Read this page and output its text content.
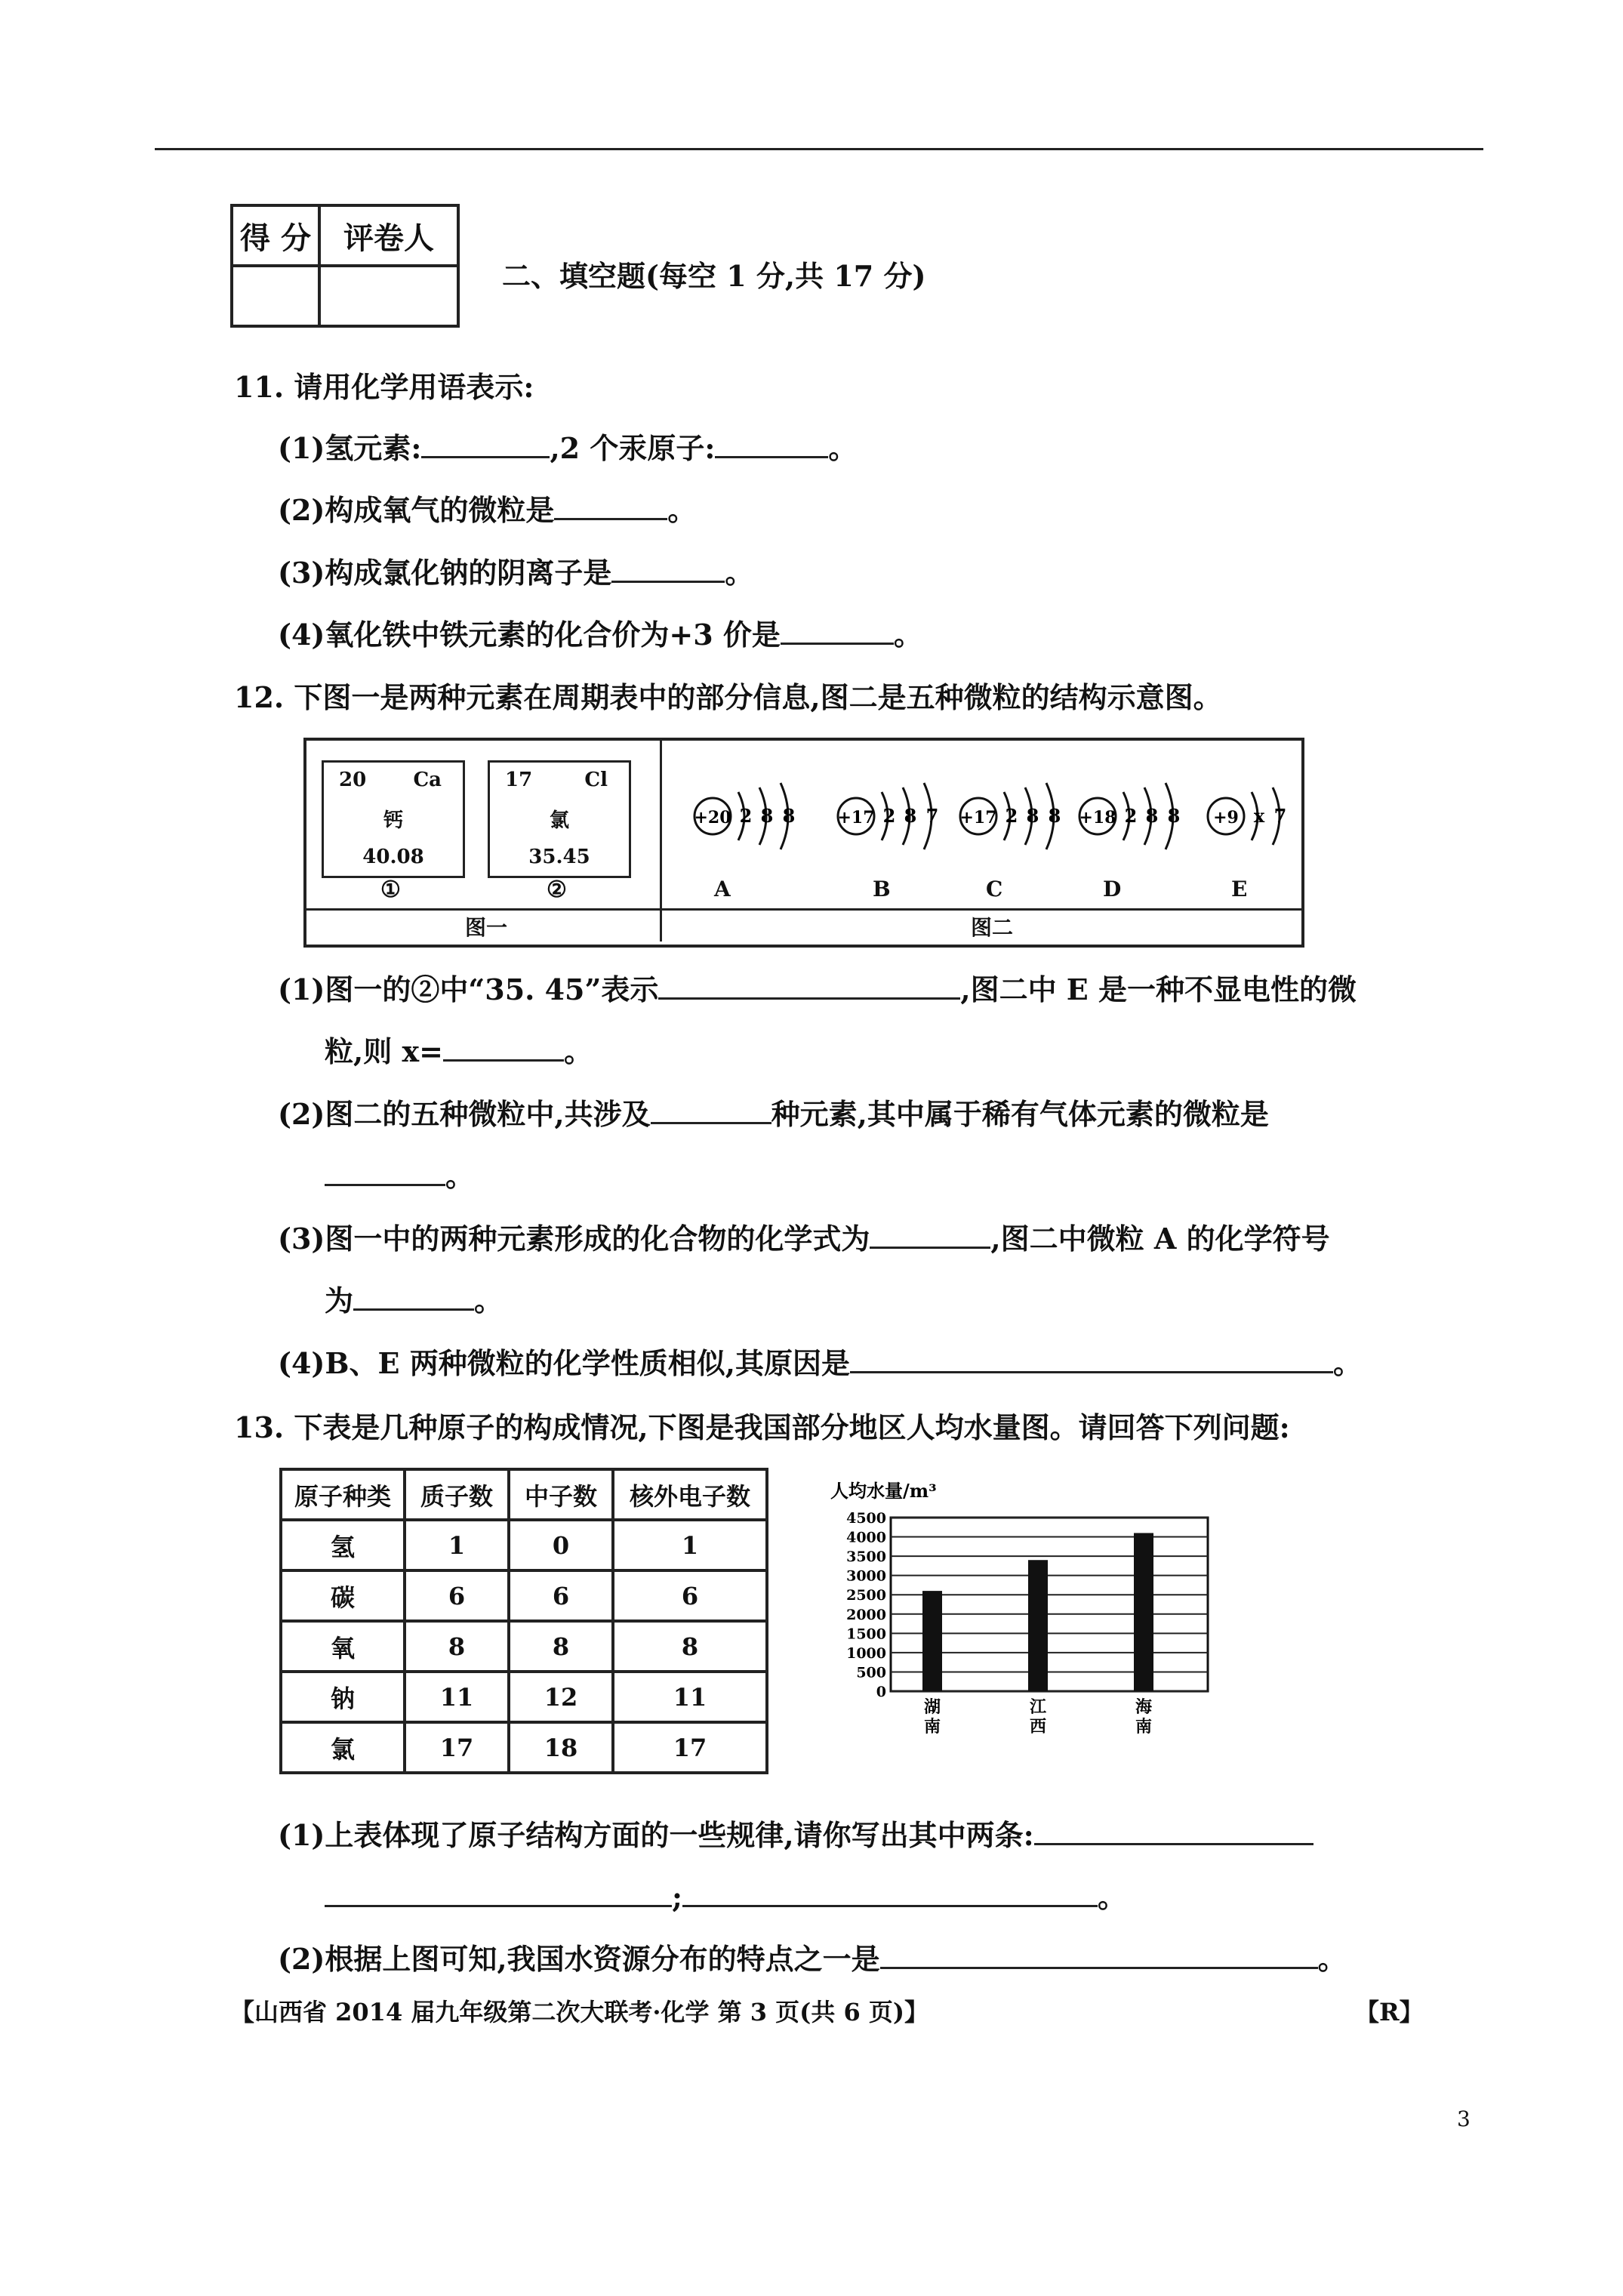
得 分	评卷人

二、填空题(每空 1 分,共 17 分)
11. 请用化学用语表示:
(1)氢元素:	,2 个汞原子:	。
(2)构成氧气的微粒是	。
(3)构成氯化钠的阴离子是	。
(4)氧化铁中铁元素的化合价为+3 价是	。
12. 下图一是两种元素在周期表中的部分信息,图二是五种微粒的结构示意图。
20 Ca
钙
40.08
①
17	Cl
氯
35.45
②
图一	图二
+20 2 8 8
A
+17 2 8 7
B
+17 2 8 8
C
+18 2 8 8
D
+9 x 7
E
(1)图一的②中“35. 45”表示	,图二中 E 是一种不显电性的微
粒,则 x=	。
(2)图二的五种微粒中,共涉及	种元素,其中属于稀有气体元素的微粒是
。
(3)图一中的两种元素形成的化合物的化学式为	,图二中微粒 A 的化学符号
为	。
(4)B、E 两种微粒的化学性质相似,其原因是	。
13. 下表是几种原子的构成情况,下图是我国部分地区人均水量图。请回答下列问题:
原子种类	质子数	中子数	核外电子数
氢	1	0	1
碳	6	6	6
氧	8	8	8
钠	11	12	11
氯	17	18	17
人均水量/m³
0
500
1000
1500
2000
2500
3000
3500
4000
4500
湖南
江西
海南
(1)上表体现了原子结构方面的一些规律,请你写出其中两条:
;	。
(2)根据上图可知,我国水资源分布的特点之一是	。
【山西省 2014 届九年级第二次大联考·化学 第 3 页(共 6 页)】	【R】
3
